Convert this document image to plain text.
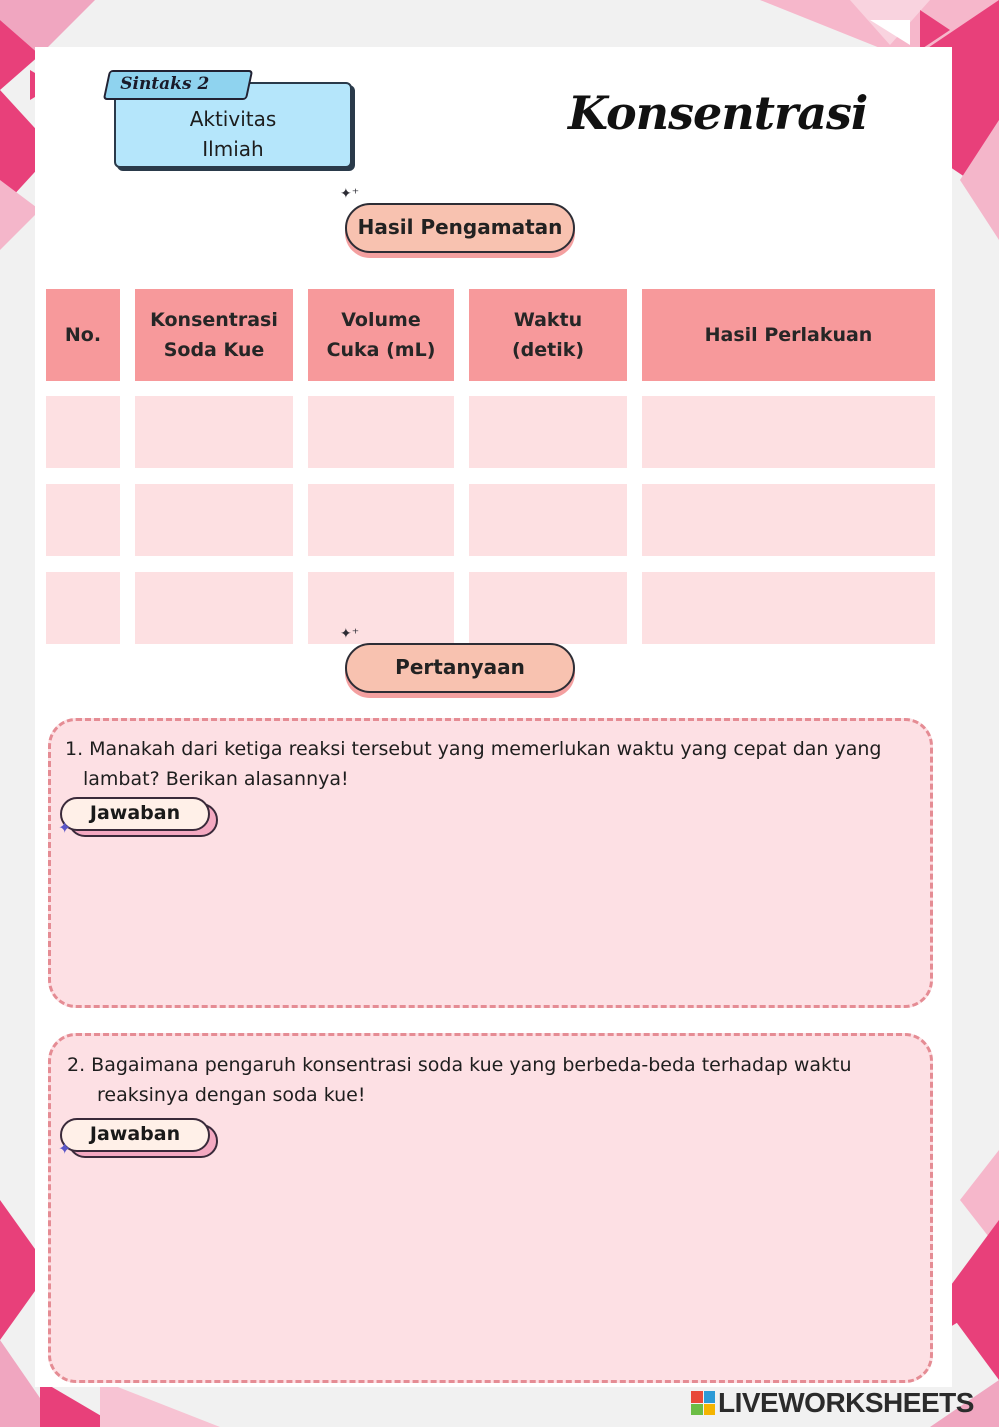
Aktivitas
Ilmiah
Sintaks 2
Konsentrasi
✦⁺
Hasil Pengamatan
No.
Konsentrasi
Soda Kue
Volume
Cuka (mL)
Waktu
(detik)
Hasil Perlakuan
✦⁺
Pertanyaan
1. Manakah dari ketiga reaksi tersebut yang memerlukan waktu yang cepat dan yang
lambat? Berikan alasannya!
Jawaban
✦
2. Bagaimana pengaruh konsentrasi soda kue yang berbeda-beda terhadap waktu
reaksinya dengan soda kue!
Jawaban
✦
LIVEWORKSHEETS
